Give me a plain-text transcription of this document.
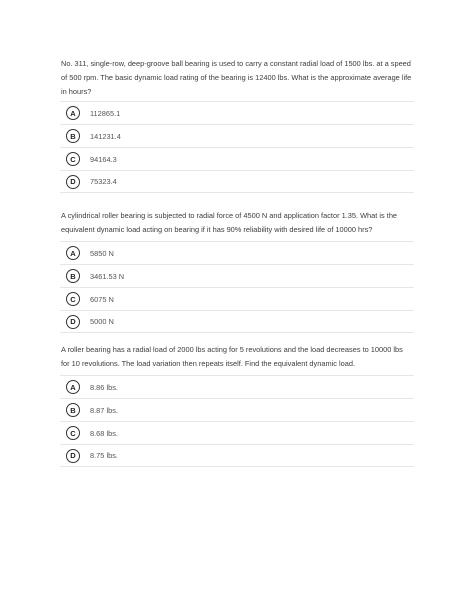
No. 311, single-row, deep-groove ball bearing is used to carry a constant radial load of 1500 lbs. at a speed of 500 rpm. The basic dynamic load rating of the bearing is 12400 lbs. What is the approximate average life in hours?

A	112865.1
B	141231.4
C	94164.3
D	75323.4

A cylindrical roller bearing is subjected to radial force of 4500 N and application factor 1.35. What is the equivalent dynamic load acting on bearing if it has 90% reliability with desired life of 10000 hrs?

A	5850 N
B	3461.53 N
C	6075 N
D	5000 N

A roller bearing has a radial load of 2000 lbs acting for 5 revolutions and the load decreases to 10000 lbs for 10 revolutions. The load variation then repeats itself. Find the equivalent dynamic load.

A	8.86 lbs.
B	8.87 lbs.
C	8.68 lbs.
D	8.75 lbs.
